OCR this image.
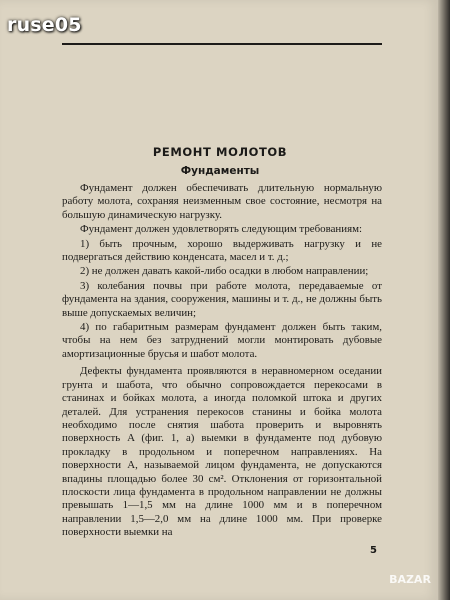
ruse05
РЕМОНТ МОЛОТОВ
Фундаменты

Фундамент должен обеспечивать длительную нормальную работу молота, сохраняя неизменным свое состояние, несмотря на большую динамическую нагрузку.

Фундамент должен удовлетворять следующим требованиям:

1) быть прочным, хорошо выдерживать нагрузку и не подвергаться действию конденсата, масел и т. д.;

2) не должен давать какой-либо осадки в любом направлении;

3) колебания почвы при работе молота, передаваемые от фундамента на здания, сооружения, машины и т. д., не должны быть выше допускаемых величин;

4) по габаритным размерам фундамент должен быть таким, чтобы на нем без затруднений могли монтировать дубовые амортизационные брусья и шабот молота.

Дефекты фундамента проявляются в неравномерном оседании грунта и шабота, что обычно сопровождается перекосами в станинах и бойках молота, а иногда поломкой штока и других деталей. Для устранения перекосов станины и бойка молота необходимо после снятия шабота проверить и выровнять поверхность A (фиг. 1, a) выемки в фундаменте под дубовую прокладку в продольном и поперечном направлениях. На поверхности A, называемой лицом фундамента, не допускаются впадины площадью более 30 см². Отклонения от горизонтальной плоскости лица фундамента в продольном направлении не должны превышать 1—1,5 мм на длине 1000 мм и в поперечном направлении 1,5—2,0 мм на длине 1000 мм. При проверке поверхности выемки на

5
BAZAR
